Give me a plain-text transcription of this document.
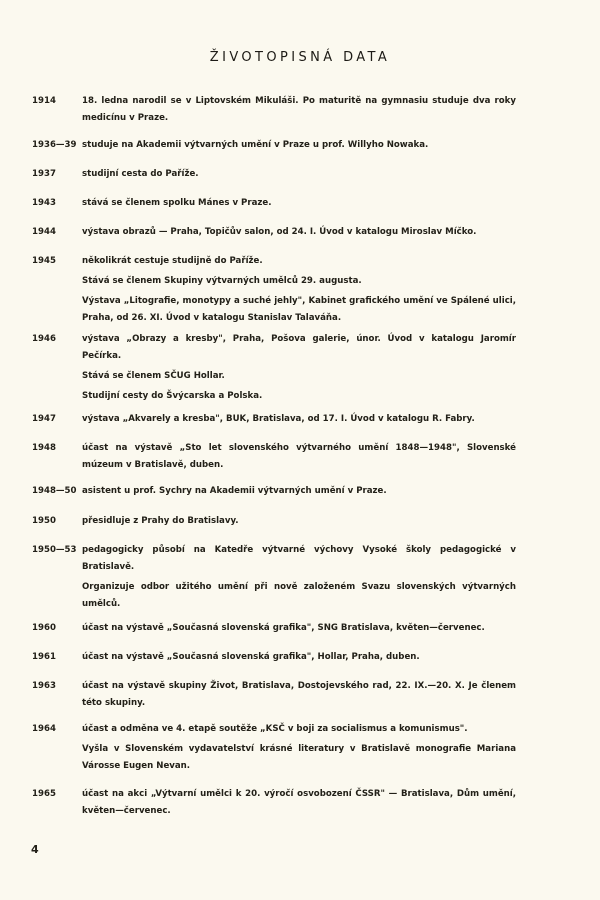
ŽIVOTOPISNÁ DATA
1914	18. ledna narodil se v Liptovském Mikuláši. Po maturitě na gymnasiu studuje dva roky medicínu v Praze.

1936—39 studuje na Akademii výtvarných umění v Praze u prof. Willyho Nowaka.

1937	studijní cesta do Paříže.

1943	stává se členem spolku Mánes v Praze.

1944	výstava obrazů — Praha, Topičův salon, od 24. I. Úvod v katalogu Miroslav Míčko.

1945	několikrát cestuje studijně do Paříže.

Stává se členem Skupiny výtvarných umělců 29. augusta.

Výstava „Litografie, monotypy a suché jehly", Kabinet grafického umění ve Spálené ulici, Praha, od 26. XI. Úvod v katalogu Stanislav Talaváňa.

1946	výstava „Obrazy a kresby", Praha, Pošova galerie, únor. Úvod v katalogu Jaromír Pečírka.

Stává se členem SČUG Hollar.

Studijní cesty do Švýcarska a Polska.

1947	výstava „Akvarely a kresba", BUK, Bratislava, od 17. I. Úvod v katalogu R. Fabry.

1948	účast na výstavě „Sto let slovenského výtvarného umění 1848—1948", Slovenské múzeum v Bratislavě, duben.

1948—50 asistent u prof. Sychry na Akademii výtvarných umění v Praze.

1950	přesidluje z Prahy do Bratislavy.

1950—53 pedagogicky působí na Katedře výtvarné výchovy Vysoké školy pedagogické v Bratislavě.

Organizuje odbor užitého umění při nově založeném Svazu slovenských výtvarných umělců.

1960	účast na výstavě „Současná slovenská grafika", SNG Bratislava, květen—červenec.

1961	účast na výstavě „Současná slovenská grafika", Hollar, Praha, duben.

1963	účast na výstavě skupiny Život, Bratislava, Dostojevského rad, 22. IX.—20. X. Je členem této skupiny.

1964	účast a odměna ve 4. etapě soutěže „KSČ v boji za socialismus a komunismus".

Vyšla v Slovenském vydavatelství krásné literatury v Bratislavě monografie Mariana Városse Eugen Nevan.

1965	účast na akci „Výtvarní umělci k 20. výročí osvobození ČSSR" — Bratislava, Dům umění, květen—červenec.

4
